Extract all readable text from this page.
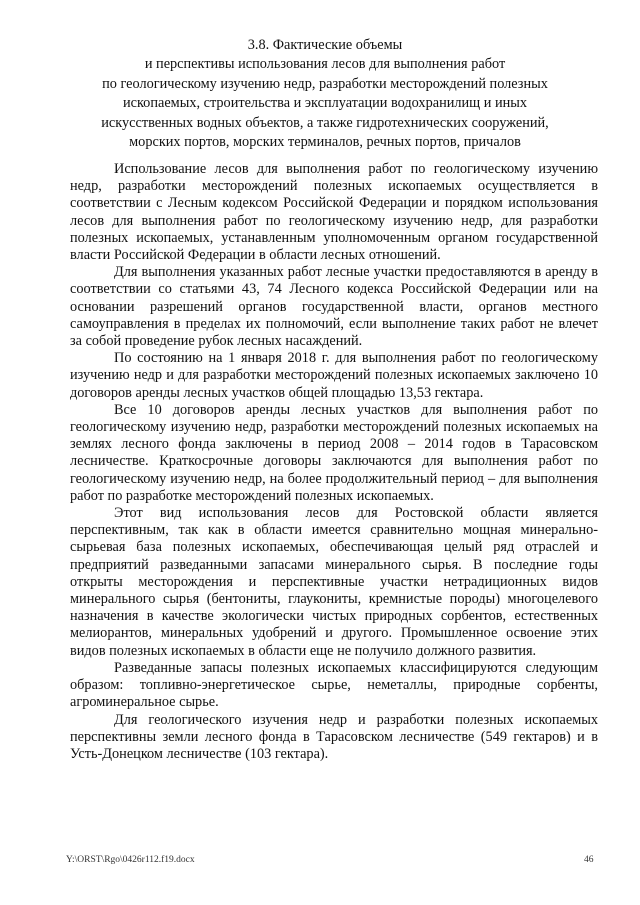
3.8. Фактические объемы
и перспективы использования лесов для выполнения работ
по геологическому изучению недр, разработки месторождений полезных
ископаемых, строительства и эксплуатации водохранилищ и иных
искусственных водных объектов, а также гидротехнических сооружений,
морских портов, морских терминалов, речных портов, причалов

Использование лесов для выполнения работ по геологическому изучению недр, разработки месторождений полезных ископаемых осуществляется в соответствии с Лесным кодексом Российской Федерации и порядком использования лесов для выполнения работ по геологическому изучению недр, для разработки полезных ископаемых, устанавленным уполномоченным органом государственной власти Российской Федерации в области лесных отношений.

Для выполнения указанных работ лесные участки предоставляются в аренду в соответствии со статьями 43, 74 Лесного кодекса Российской Федерации или на основании разрешений органов государственной власти, органов местного самоуправления в пределах их полномочий, если выполнение таких работ не влечет за собой проведение рубок лесных насаждений.

По состоянию на 1 января 2018 г. для выполнения работ по геологическому изучению недр и для разработки месторождений полезных ископаемых заключено 10 договоров аренды лесных участков общей площадью 13,53 гектара.

Все 10 договоров аренды лесных участков для выполнения работ по геологическому изучению недр, разработки месторождений полезных ископаемых на землях лесного фонда заключены в период 2008 – 2014 годов в Тарасовском лесничестве. Краткосрочные договоры заключаются для выполнения работ по геологическому изучению недр, на более продолжительный период – для выполнения работ по разработке месторождений полезных ископаемых.

Этот вид использования лесов для Ростовской области является перспективным, так как в области имеется сравнительно мощная минерально-сырьевая база полезных ископаемых, обеспечивающая целый ряд отраслей и предприятий разведанными запасами минерального сырья. В последние годы открыты месторождения и перспективные участки нетрадиционных видов минерального сырья (бентониты, глаукониты, кремнистые породы) многоцелевого назначения в качестве экологически чистых природных сорбентов, естественных мелиорантов, минеральных удобрений и другого. Промышленное освоение этих видов полезных ископаемых в области еще не получило должного развития.

Разведанные запасы полезных ископаемых классифицируются следующим образом: топливно-энергетическое сырье, неметаллы, природные сорбенты, агроминеральное сырье.

Для геологического изучения недр и разработки полезных ископаемых перспективны земли лесного фонда в Тарасовском лесничестве (549 гектаров) и в Усть-Донецком лесничестве (103 гектара).

Y:\ORST\Rgo\0426r112.f19.docx	46
